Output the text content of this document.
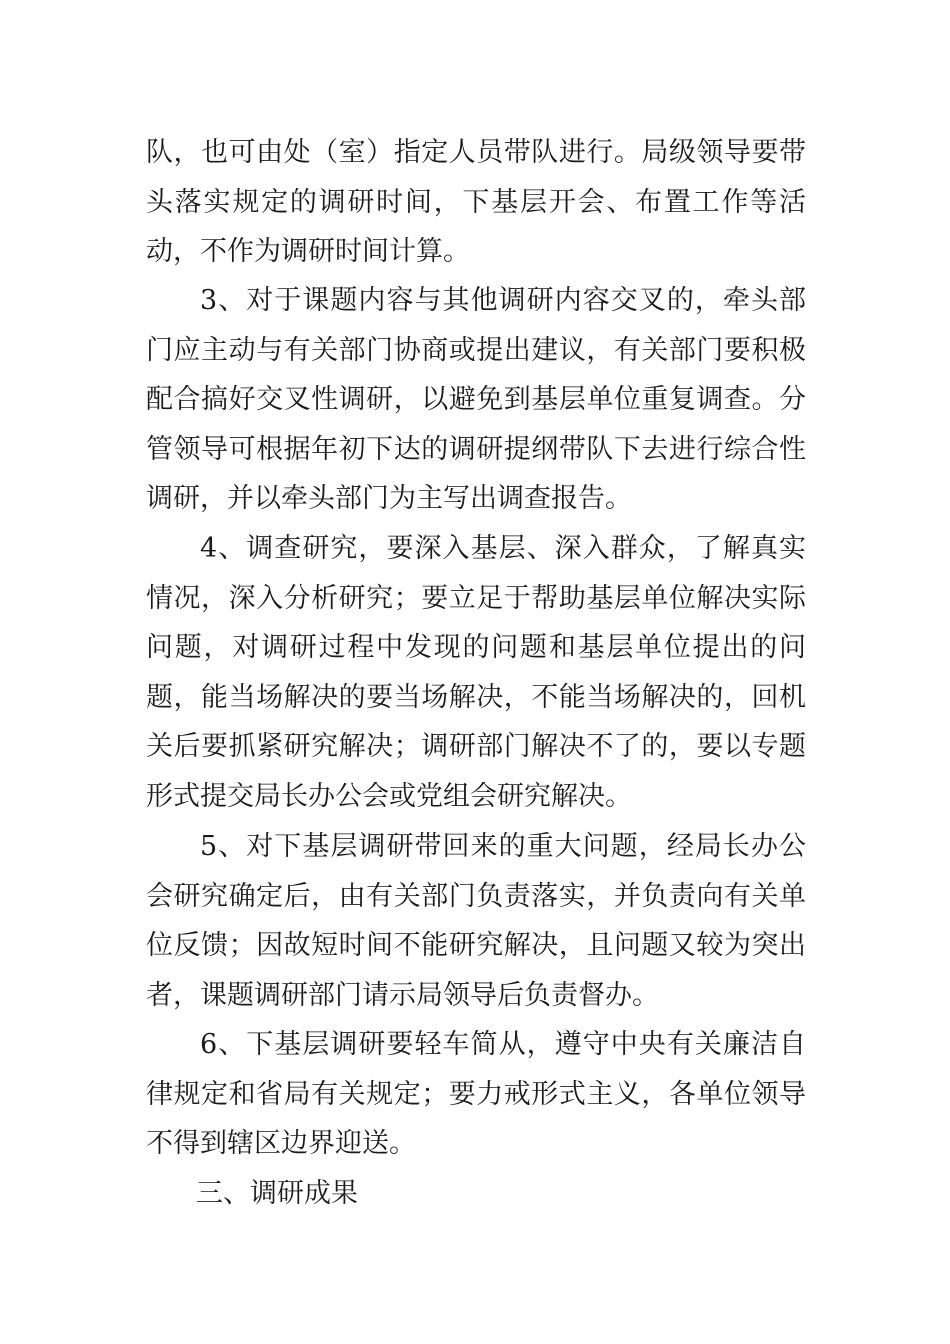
队，也可由处（室）指定人员带队进行。局级领导要带头落实规定的调研时间，下基层开会、布置工作等活动，不作为调研时间计算。

3、对于课题内容与其他调研内容交叉的，牵头部门应主动与有关部门协商或提出建议，有关部门要积极配合搞好交叉性调研，以避免到基层单位重复调查。分管领导可根据年初下达的调研提纲带队下去进行综合性调研，并以牵头部门为主写出调查报告。

4、调查研究，要深入基层、深入群众，了解真实情况，深入分析研究；要立足于帮助基层单位解决实际问题，对调研过程中发现的问题和基层单位提出的问题，能当场解决的要当场解决，不能当场解决的，回机关后要抓紧研究解决；调研部门解决不了的，要以专题形式提交局长办公会或党组会研究解决。

5、对下基层调研带回来的重大问题，经局长办公会研究确定后，由有关部门负责落实，并负责向有关单位反馈；因故短时间不能研究解决，且问题又较为突出者，课题调研部门请示局领导后负责督办。

6、下基层调研要轻车简从，遵守中央有关廉洁自律规定和省局有关规定；要力戒形式主义，各单位领导不得到辖区边界迎送。

三、调研成果
